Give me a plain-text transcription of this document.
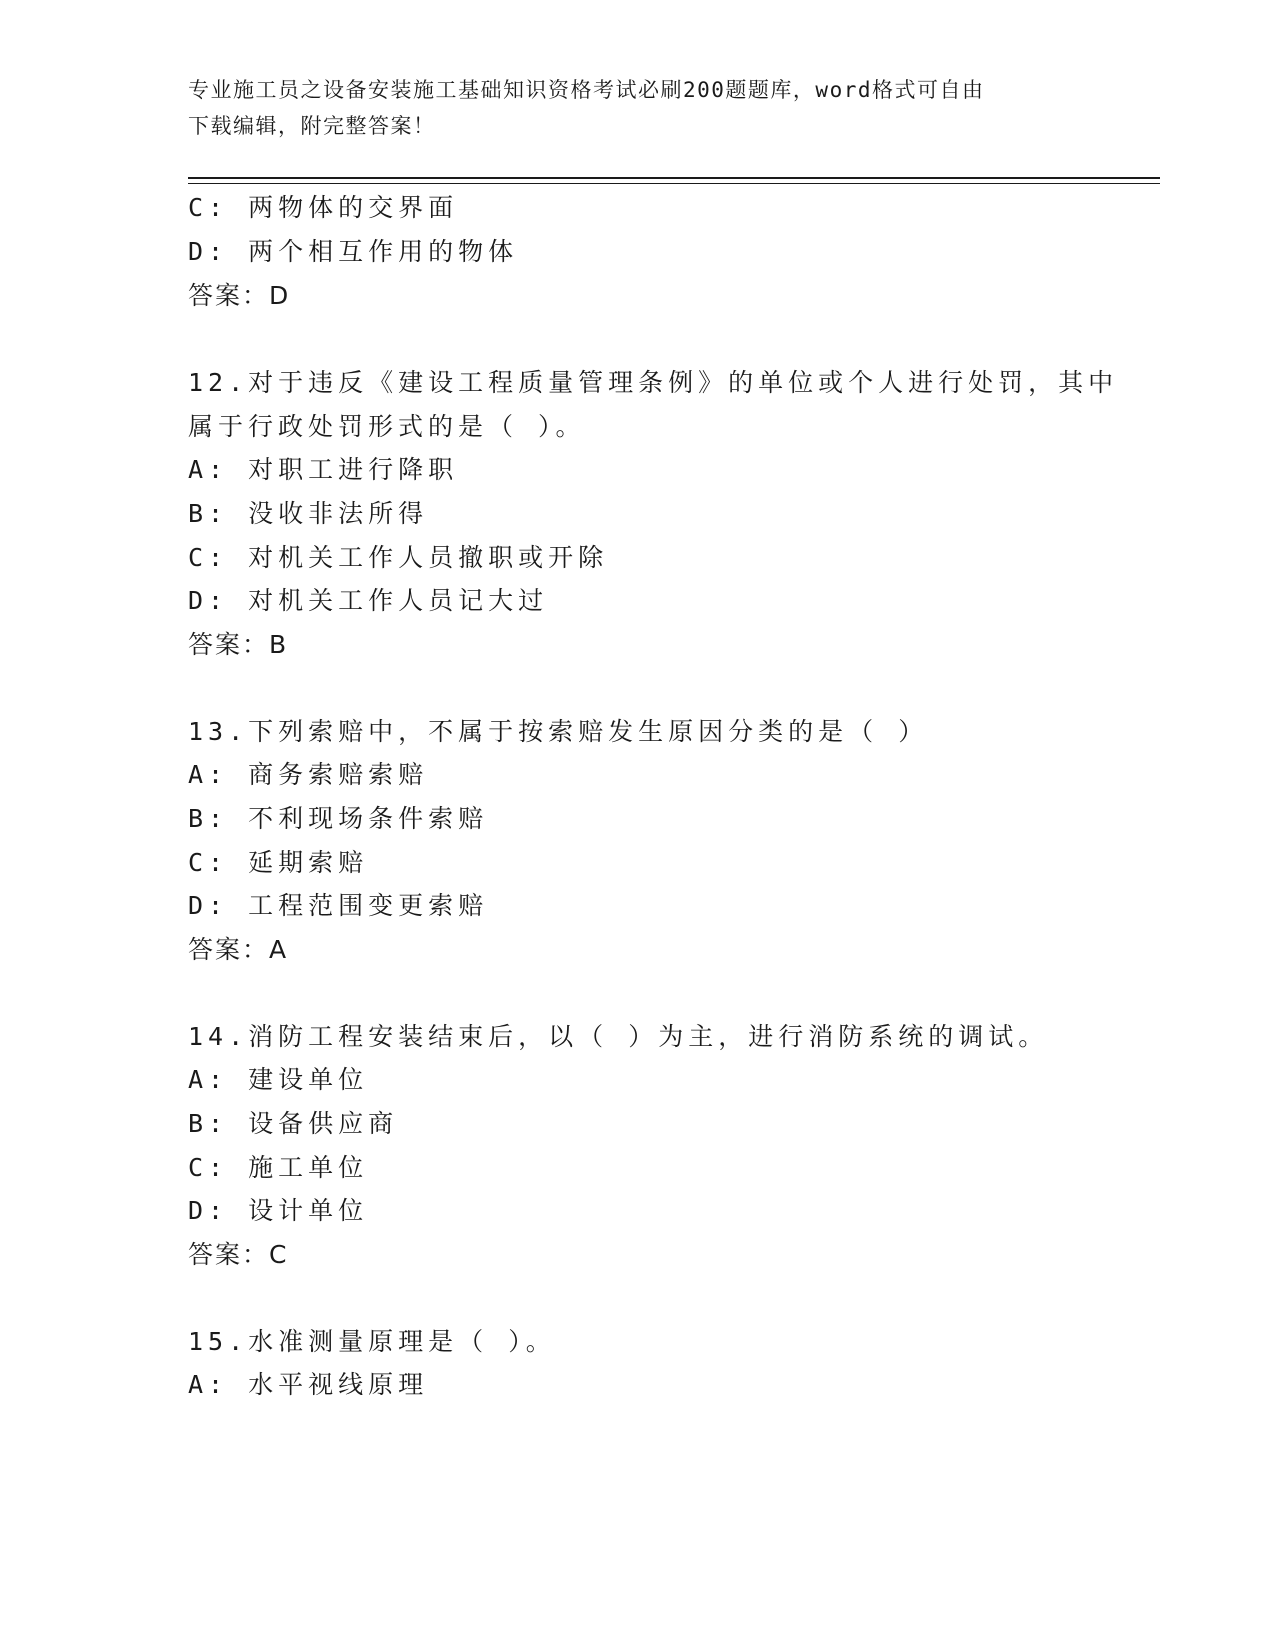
专业施工员之设备安装施工基础知识资格考试必刷200题题库，word格式可自由
下载编辑，附完整答案！
C: 两物体的交界面
D: 两个相互作用的物体
答案：D
12.对于违反《建设工程质量管理条例》的单位或个人进行处罚，其中
属于行政处罚形式的是（ ）。
A: 对职工进行降职
B: 没收非法所得
C: 对机关工作人员撤职或开除
D: 对机关工作人员记大过
答案：B
13.下列索赔中，不属于按索赔发生原因分类的是（ ）
A: 商务索赔索赔
B: 不利现场条件索赔
C: 延期索赔
D: 工程范围变更索赔
答案：A
14.消防工程安装结束后，以（ ）为主，进行消防系统的调试。
A: 建设单位
B: 设备供应商
C: 施工单位
D: 设计单位
答案：C
15.水准测量原理是（ ）。
A: 水平视线原理
